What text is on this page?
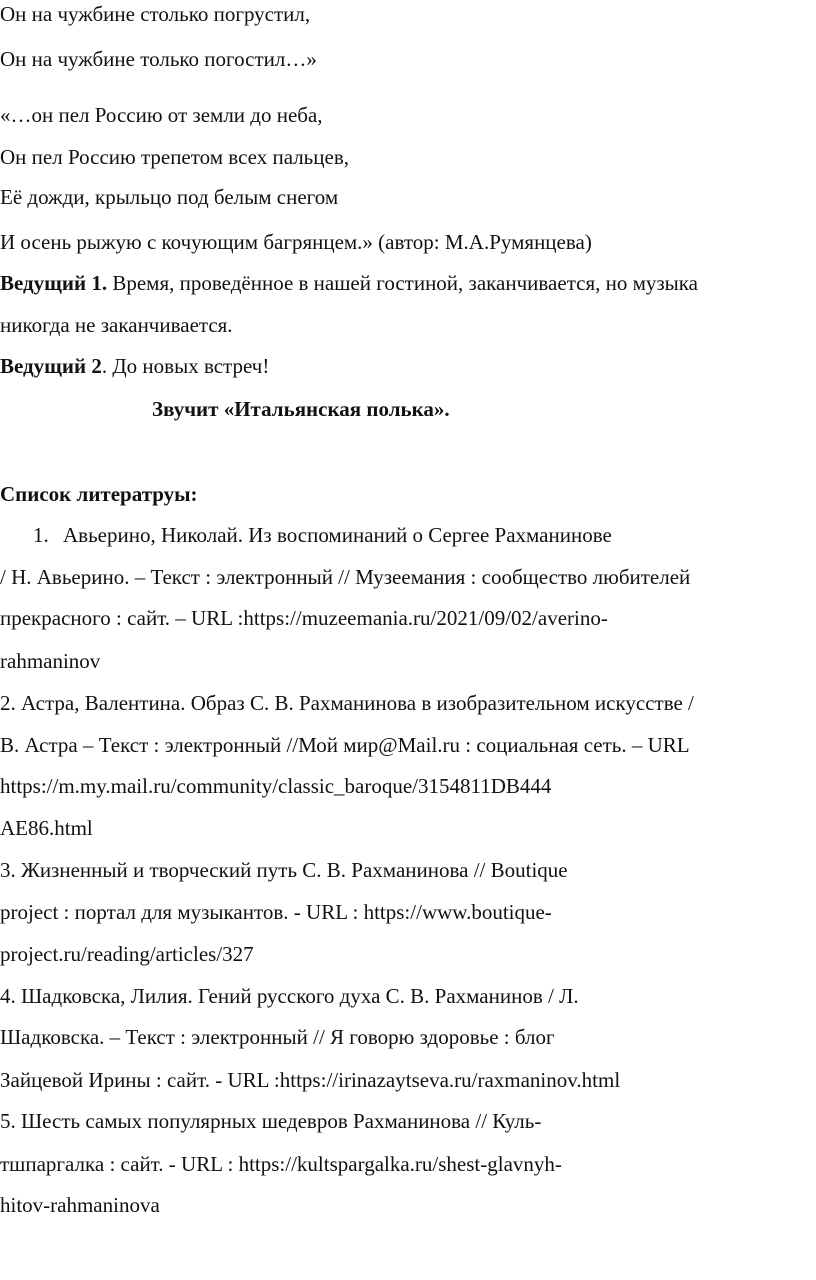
Он на чужбине столько погрустил,
Он на чужбине только погостил…»
«…он пел Россию от земли до неба,
Он пел Россию трепетом всех пальцев,
Её дожди, крыльцо под белым снегом
И осень рыжую с кочующим багрянцем.» (автор: М.А.Румянцева)
Ведущий 1. Время, проведённое в нашей гостиной, заканчивается, но музыка
никогда не заканчивается.
Ведущий 2. До новых встреч!
Звучит «Итальянская полька».
Список литератруы:
1. Авьерино, Николай. Из воспоминаний о Сергее Рахманинове
/ Н. Авьерино. – Текст : электронный // Музеемания : сообщество любителей
прекрасного : сайт. – URL :https://muzeemania.ru/2021/09/02/averino-
rahmaninov
2. Астра, Валентина. Образ С. В. Рахманинова в изобразительном искусстве /
В. Астра – Текст : электронный //Мой мир@Mail.ru : социальная сеть. – URL
https://m.my.mail.ru/community/classic_baroque/3154811DB444
AE86.html
3. Жизненный и творческий путь С. В. Рахманинова // Boutique
project : портал для музыкантов. - URL : https://www.boutique-
project.ru/reading/articles/327
4. Шадковска, Лилия. Гений русского духа С. В. Рахманинов / Л.
Шадковска. – Текст : электронный // Я говорю здоровье : блог
Зайцевой Ирины : сайт. - URL :https://irinazaytseva.ru/raxmaninov.html
5. Шесть самых популярных шедевров Рахманинова // Куль-
тшпаргалка : сайт. - URL : https://kultspargalka.ru/shest-glavnyh-
hitov-rahmaninova
